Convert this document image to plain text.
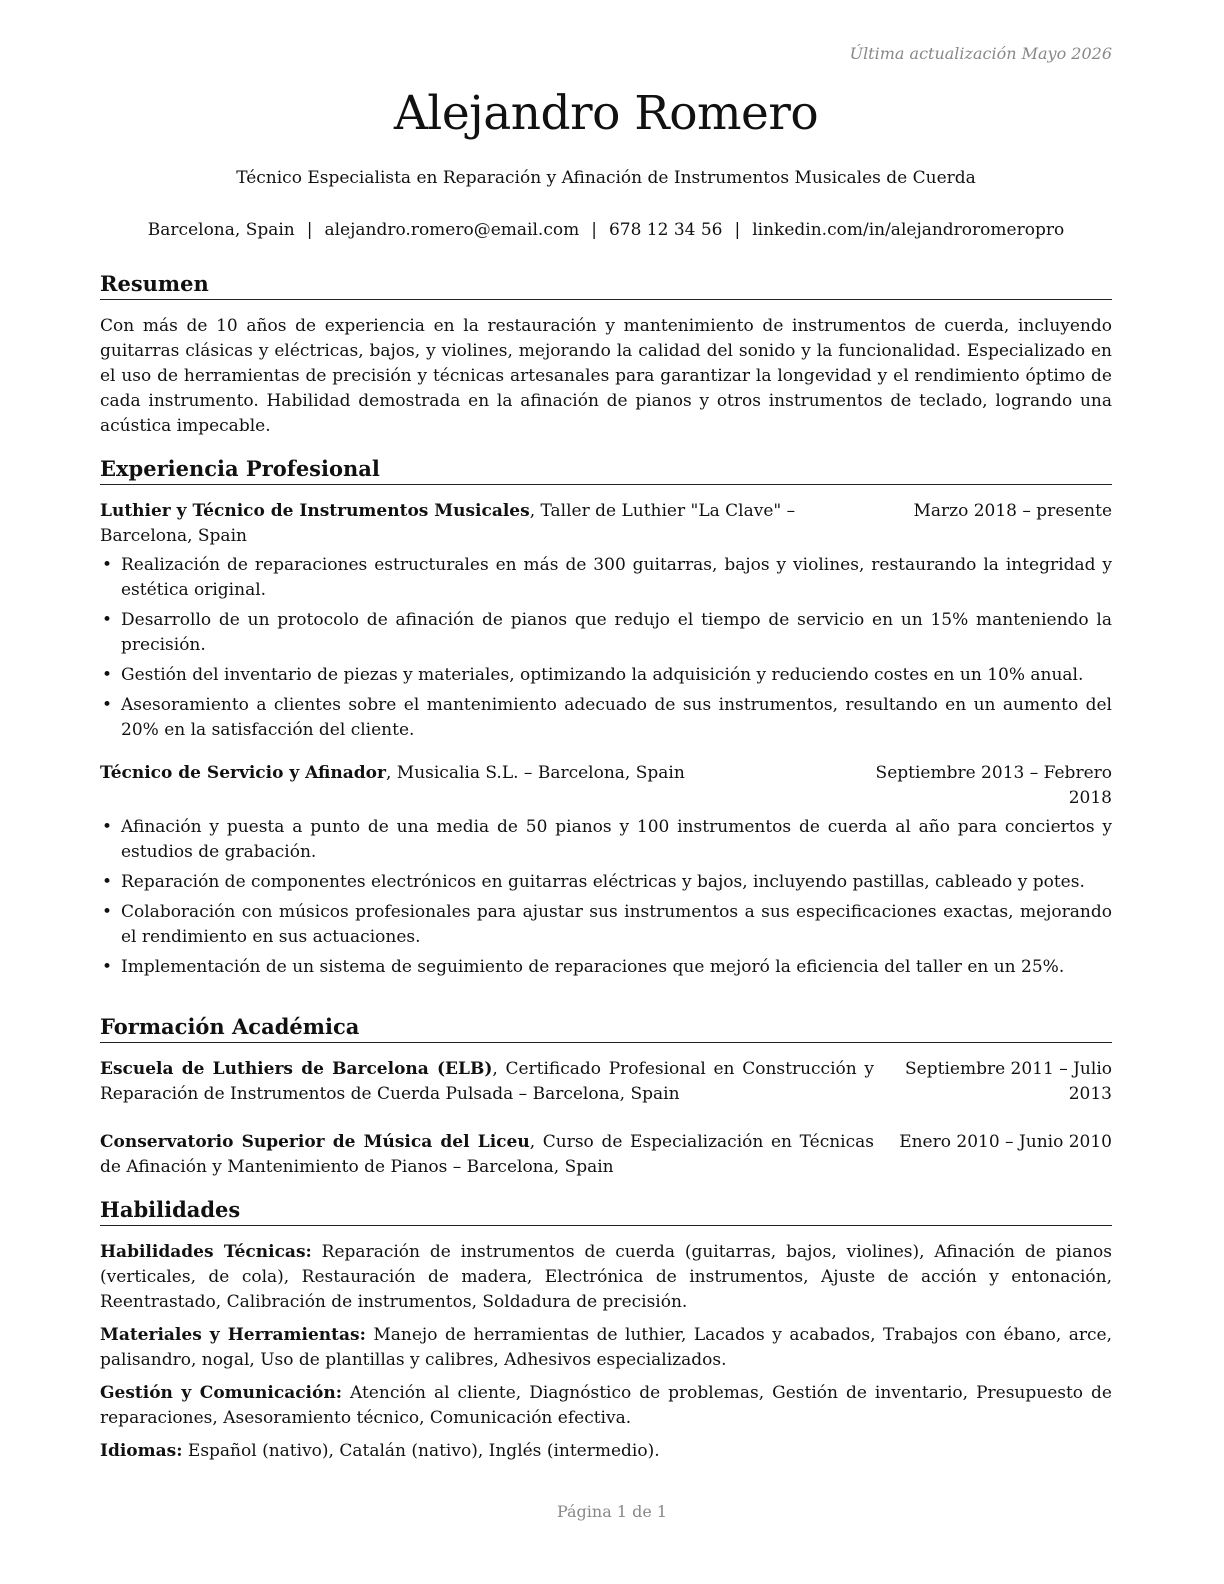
Última actualización Mayo 2026
Alejandro Romero
Técnico Especialista en Reparación y Afinación de Instrumentos Musicales de Cuerda
Barcelona, Spain | alejandro.romero@email.com | 678 12 34 56 | linkedin.com/in/alejandroromeropro
Resumen
Con más de 10 años de experiencia en la restauración y mantenimiento de instrumentos de cuerda, incluyendo guitarras clásicas y eléctricas, bajos, y violines, mejorando la calidad del sonido y la funcionalidad. Especializado en el uso de herramientas de precisión y técnicas artesanales para garantizar la longevidad y el rendimiento óptimo de cada instrumento. Habilidad demostrada en la afinación de pianos y otros instrumentos de teclado, logrando una acústica impecable.
Experiencia Profesional
Luthier y Técnico de Instrumentos Musicales, Taller de Luthier "La Clave" – Barcelona, Spain
Marzo 2018 – presente
• Realización de reparaciones estructurales en más de 300 guitarras, bajos y violines, restaurando la integridad y estética original.
• Desarrollo de un protocolo de afinación de pianos que redujo el tiempo de servicio en un 15% manteniendo la precisión.
• Gestión del inventario de piezas y materiales, optimizando la adquisición y reduciendo costes en un 10% anual.
• Asesoramiento a clientes sobre el mantenimiento adecuado de sus instrumentos, resultando en un aumento del 20% en la satisfacción del cliente.
Técnico de Servicio y Afinador, Musicalia S.L. – Barcelona, Spain	Septiembre 2013 – Febrero 2018
• Afinación y puesta a punto de una media de 50 pianos y 100 instrumentos de cuerda al año para conciertos y estudios de grabación.
• Reparación de componentes electrónicos en guitarras eléctricas y bajos, incluyendo pastillas, cableado y potes.
• Colaboración con músicos profesionales para ajustar sus instrumentos a sus especificaciones exactas, mejorando el rendimiento en sus actuaciones.
• Implementación de un sistema de seguimiento de reparaciones que mejoró la eficiencia del taller en un 25%.
Formación Académica
Escuela de Luthiers de Barcelona (ELB), Certificado Profesional en Construcción y Reparación de Instrumentos de Cuerda Pulsada – Barcelona, Spain
Septiembre 2011 – Julio 2013
Conservatorio Superior de Música del Liceu, Curso de Especialización en Técnicas de Afinación y Mantenimiento de Pianos – Barcelona, Spain
Enero 2010 – Junio 2010
Habilidades
Habilidades Técnicas: Reparación de instrumentos de cuerda (guitarras, bajos, violines), Afinación de pianos (verticales, de cola), Restauración de madera, Electrónica de instrumentos, Ajuste de acción y entonación, Reentrastado, Calibración de instrumentos, Soldadura de precisión.
Materiales y Herramientas: Manejo de herramientas de luthier, Lacados y acabados, Trabajos con ébano, arce, palisandro, nogal, Uso de plantillas y calibres, Adhesivos especializados.
Gestión y Comunicación: Atención al cliente, Diagnóstico de problemas, Gestión de inventario, Presupuesto de reparaciones, Asesoramiento técnico, Comunicación efectiva.
Idiomas: Español (nativo), Catalán (nativo), Inglés (intermedio).
Página 1 de 1
